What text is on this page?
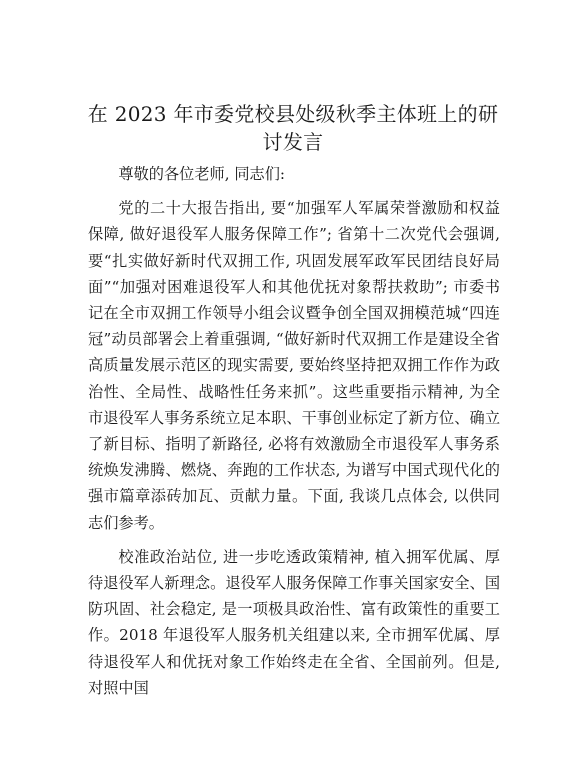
在 2023 年市委党校县处级秋季主体班上的研讨发言

尊敬的各位老师, 同志们:

党的二十大报告指出, 要“加强军人军属荣誉激励和权益保障, 做好退役军人服务保障工作”; 省第十二次党代会强调, 要“扎实做好新时代双拥工作, 巩固发展军政军民团结良好局面”“加强对困难退役军人和其他优抚对象帮扶救助”; 市委书记在全市双拥工作领导小组会议暨争创全国双拥模范城“四连冠”动员部署会上着重强调, “做好新时代双拥工作是建设全省高质量发展示范区的现实需要, 要始终坚持把双拥工作作为政治性、全局性、战略性任务来抓”。这些重要指示精神, 为全市退役军人事务系统立足本职、干事创业标定了新方位、确立了新目标、指明了新路径, 必将有效激励全市退役军人事务系统焕发沸腾、燃烧、奔跑的工作状态, 为谱写中国式现代化的强市篇章添砖加瓦、贡献力量。下面, 我谈几点体会, 以供同志们参考。

校准政治站位, 进一步吃透政策精神, 植入拥军优属、厚待退役军人新理念。退役军人服务保障工作事关国家安全、国防巩固、社会稳定, 是一项极具政治性、富有政策性的重要工作。2018 年退役军人服务机关组建以来, 全市拥军优属、厚待退役军人和优抚对象工作始终走在全省、全国前列。但是, 对照中国
